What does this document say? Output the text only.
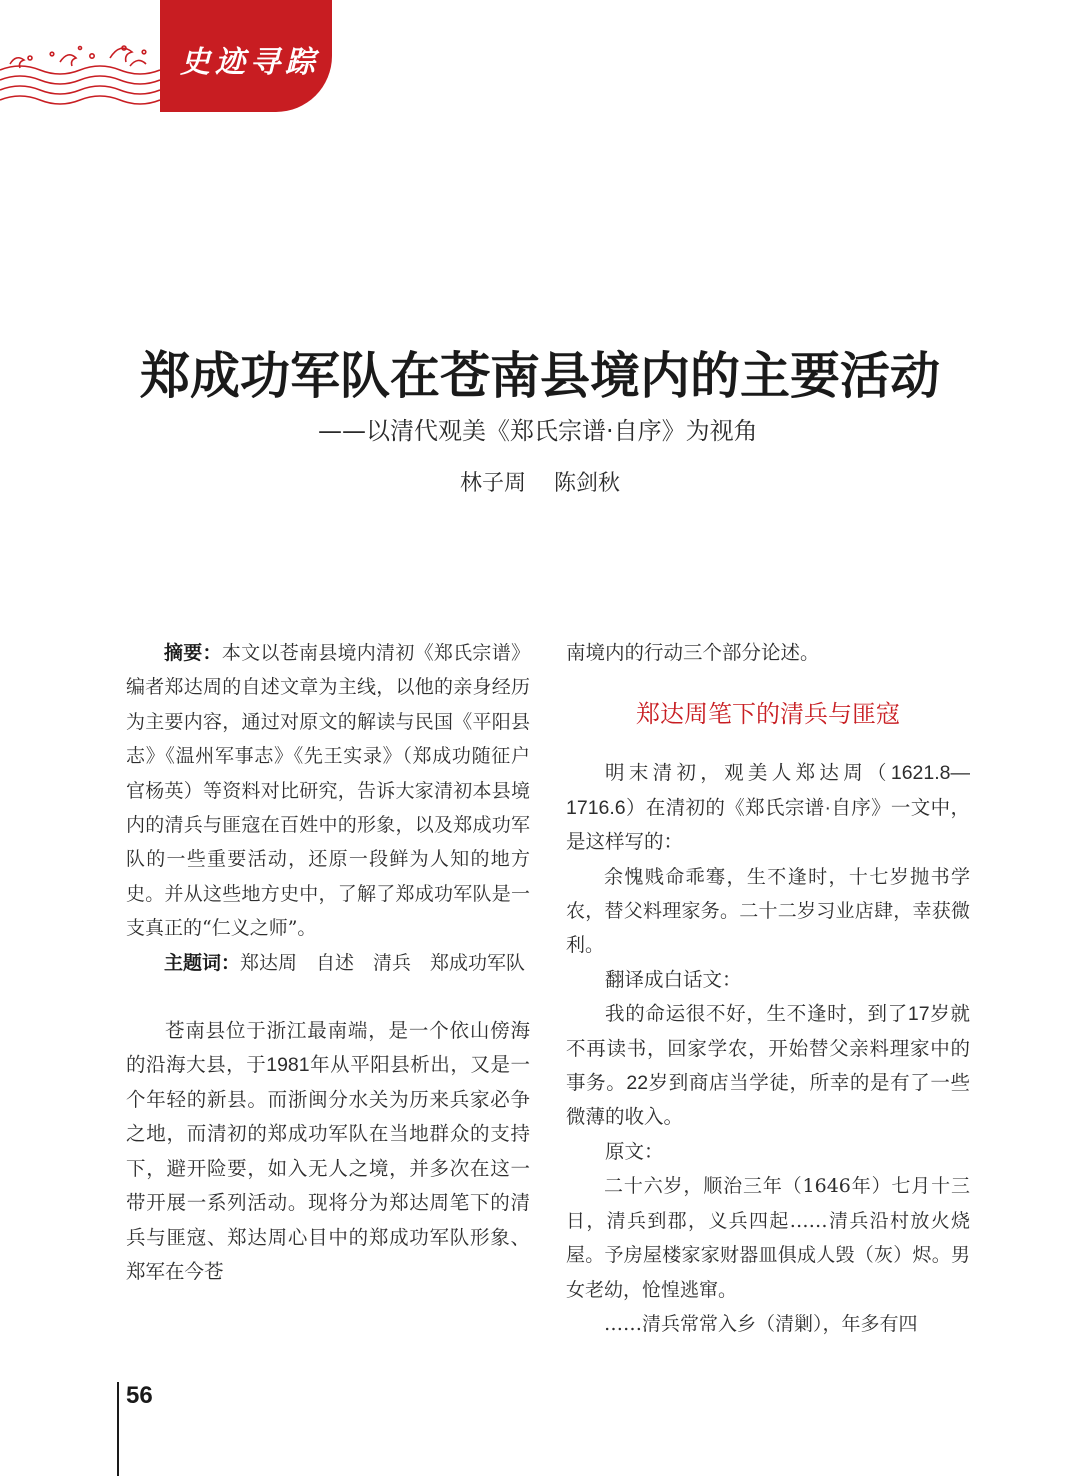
史迹寻踪
郑成功军队在苍南县境内的主要活动
——以清代观美《郑氏宗谱·自序》为视角
林子周 陈剑秋

摘要：本文以苍南县境内清初《郑氏宗谱》编者郑达周的自述文章为主线，以他的亲身经历为主要内容，通过对原文的解读与民国《平阳县志》《温州军事志》《先王实录》（郑成功随征户官杨英）等资料对比研究，告诉大家清初本县境内的清兵与匪寇在百姓中的形象，以及郑成功军队的一些重要活动，还原一段鲜为人知的地方史。并从这些地方史中，了解了郑成功军队是一支真正的“仁义之师”。

主题词：郑达周　自述　清兵　郑成功军队

苍南县位于浙江最南端，是一个依山傍海的沿海大县，于1981年从平阳县析出，又是一个年轻的新县。而浙闽分水关为历来兵家必争之地，而清初的郑成功军队在当地群众的支持下，避开险要，如入无人之境，并多次在这一带开展一系列活动。现将分为郑达周笔下的清兵与匪寇、郑达周心目中的郑成功军队形象、郑军在今苍

南境内的行动三个部分论述。

郑达周笔下的清兵与匪寇

明末清初，观美人郑达周（1621.8—1716.6）在清初的《郑氏宗谱·自序》一文中，是这样写的：

余愧贱命乖骞，生不逢时，十七岁抛书学农，替父料理家务。二十二岁习业店肆，幸获微利。

翻译成白话文：

我的命运很不好，生不逢时，到了17岁就不再读书，回家学农，开始替父亲料理家中的事务。22岁到商店当学徒，所幸的是有了一些微薄的收入。

原文：

二十六岁，顺治三年（1646年）七月十三日，清兵到郡，义兵四起……清兵沿村放火烧屋。予房屋楼家家财器皿俱成人毁（灰）烬。男女老幼，怆惶逃窜。

……清兵常常入乡（清剿），年多有四

56
